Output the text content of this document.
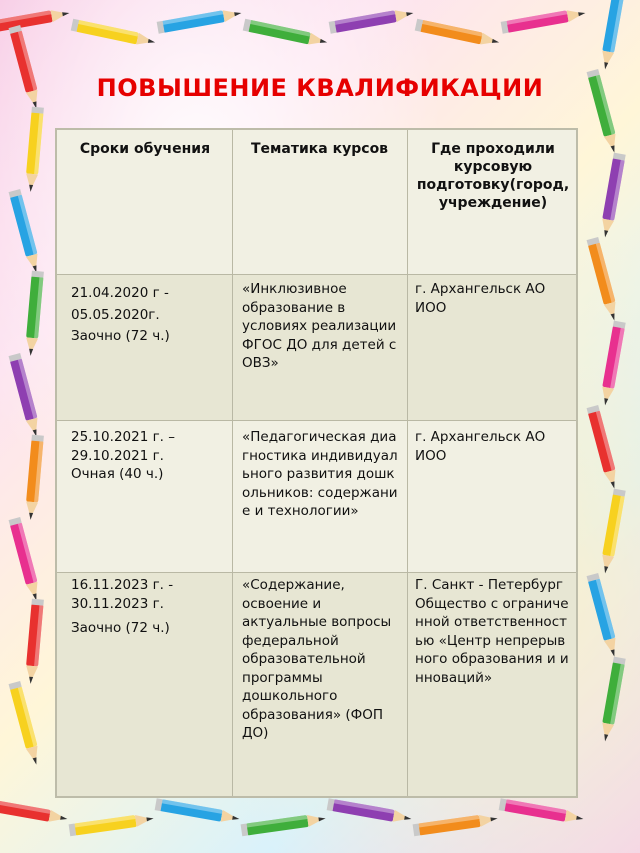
ПОВЫШЕНИЕ КВАЛИФИКАЦИИ
Сроки обучения	Тематика курсов	Где проходили курсовую подготовку(город, учреждение)
21.04.2020 г -
05.05.2020г.
Заочно (72 ч.)
«Инклюзивное образование в условиях реализации ФГОС ДО для детей с ОВЗ»
г. Архангельск АО ИОО
25.10.2021 г. –
29.10.2021 г.
Очная (40 ч.)
«Педагогическая диагностика индивидуального развития дошкольников: содержание и технологии»
г. Архангельск АО ИОО
16.11.2023 г. -
30.11.2023 г.
Заочно (72 ч.)
«Содержание, освоение и актуальные вопросы федеральной образовательной программы дошкольного образования» (ФОП ДО)
Г. Санкт - Петербург Общество с ограниченной ответственностью «Центр непрерывного образования и инноваций»
